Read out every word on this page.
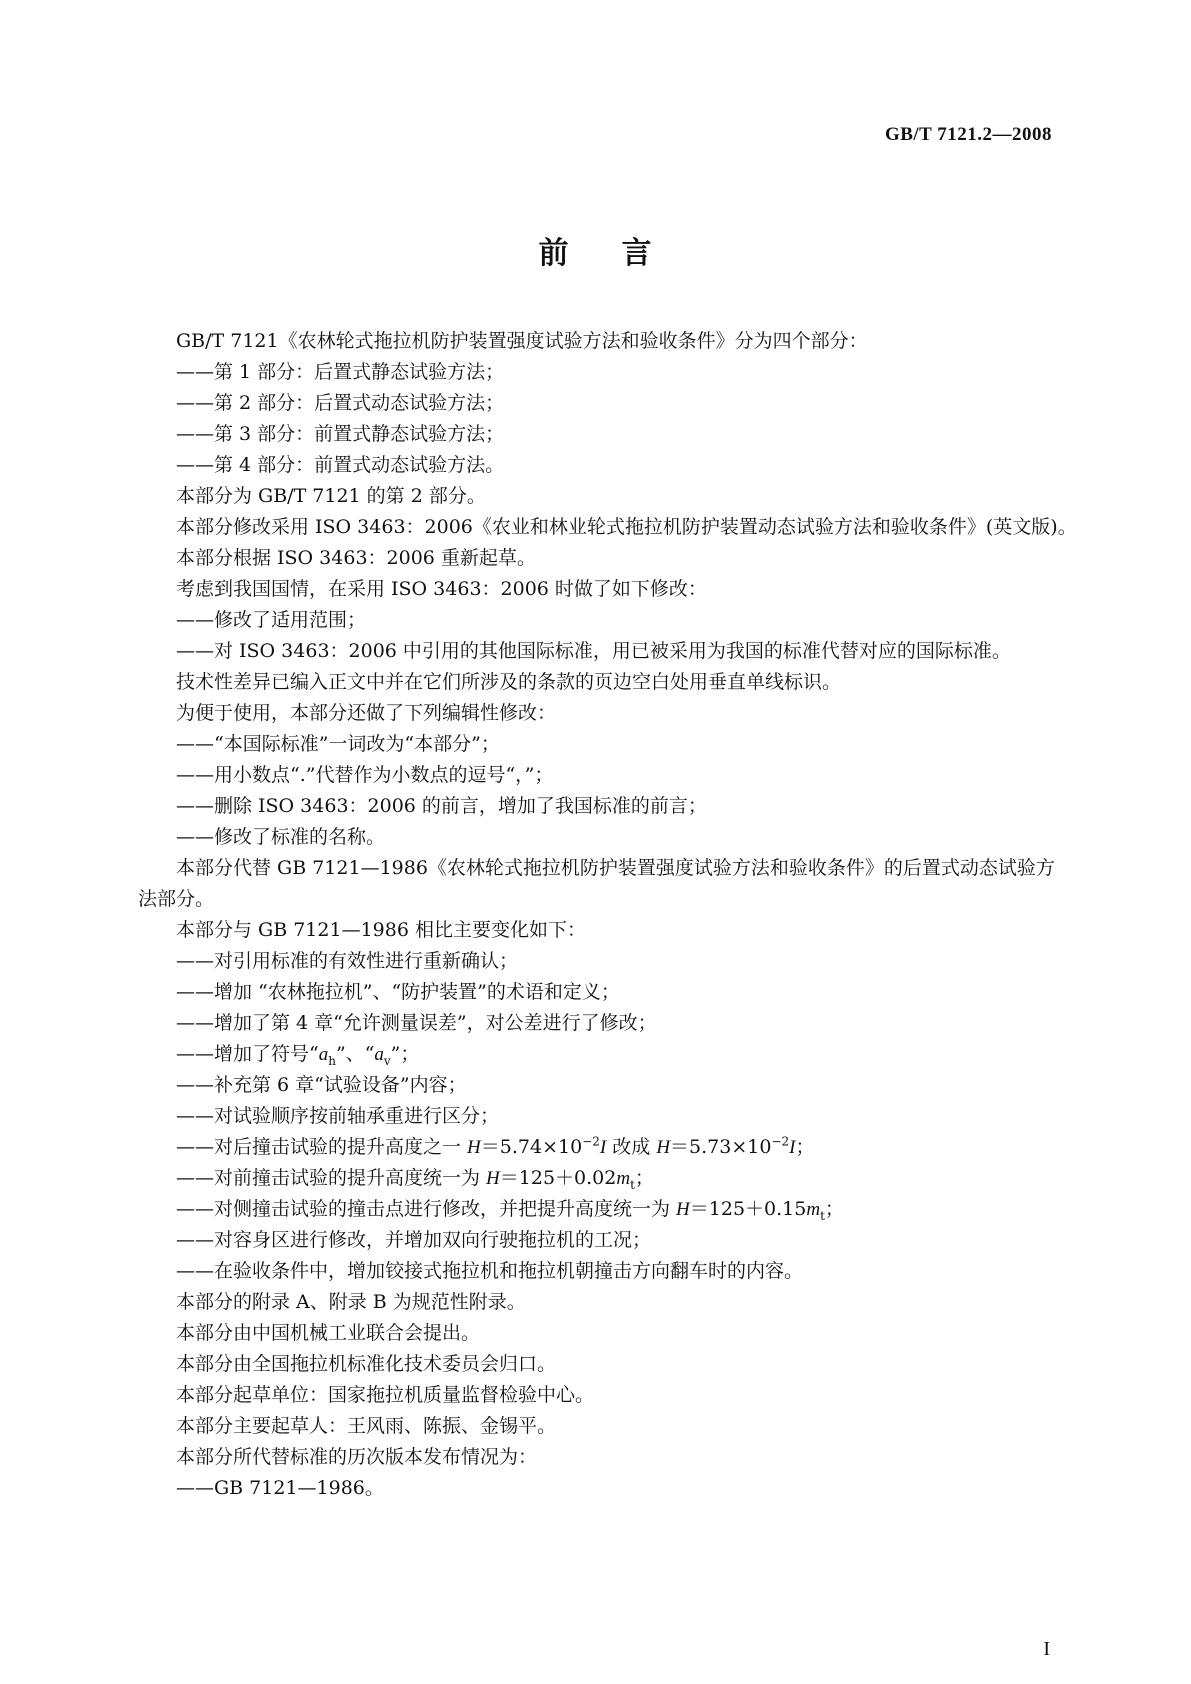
GB/T 7121.2—2008
前 言
GB/T 7121《农林轮式拖拉机防护装置强度试验方法和验收条件》分为四个部分：
——第 1 部分：后置式静态试验方法；
——第 2 部分：后置式动态试验方法；
——第 3 部分：前置式静态试验方法；
——第 4 部分：前置式动态试验方法。
本部分为 GB/T 7121 的第 2 部分。
本部分修改采用 ISO 3463：2006《农业和林业轮式拖拉机防护装置动态试验方法和验收条件》(英文版)。
本部分根据 ISO 3463：2006 重新起草。
考虑到我国国情，在采用 ISO 3463：2006 时做了如下修改：
——修改了适用范围；
——对 ISO 3463：2006 中引用的其他国际标准，用已被采用为我国的标准代替对应的国际标准。
技术性差异已编入正文中并在它们所涉及的条款的页边空白处用垂直单线标识。
为便于使用，本部分还做了下列编辑性修改：
——“本国际标准”一词改为“本部分”；
——用小数点“.”代替作为小数点的逗号“，”；
——删除 ISO 3463：2006 的前言，增加了我国标准的前言；
——修改了标准的名称。
本部分代替 GB 7121—1986《农林轮式拖拉机防护装置强度试验方法和验收条件》的后置式动态试验方法部分。
本部分与 GB 7121—1986 相比主要变化如下：
——对引用标准的有效性进行重新确认；
——增加 “农林拖拉机”、“防护装置”的术语和定义；
——增加了第 4 章“允许测量误差”，对公差进行了修改；
——增加了符号“$a_h$”、“$a_v$”；
——补充第 6 章“试验设备”内容；
——对试验顺序按前轴承重进行区分；
——对后撞击试验的提升高度之一 $H=5.74\times 10^{-2}I$ 改成 $H=5.73\times 10^{-2}I$；
——对前撞击试验的提升高度统一为 $H=125+0.02m_t$；
——对侧撞击试验的撞击点进行修改，并把提升高度统一为 $H=125+0.15m_t$；
——对容身区进行修改，并增加双向行驶拖拉机的工况；
——在验收条件中，增加铰接式拖拉机和拖拉机朝撞击方向翻车时的内容。
本部分的附录 A、附录 B 为规范性附录。
本部分由中国机械工业联合会提出。
本部分由全国拖拉机标准化技术委员会归口。
本部分起草单位：国家拖拉机质量监督检验中心。
本部分主要起草人：王风雨、陈振、金锡平。
本部分所代替标准的历次版本发布情况为：
——GB 7121—1986。
I
